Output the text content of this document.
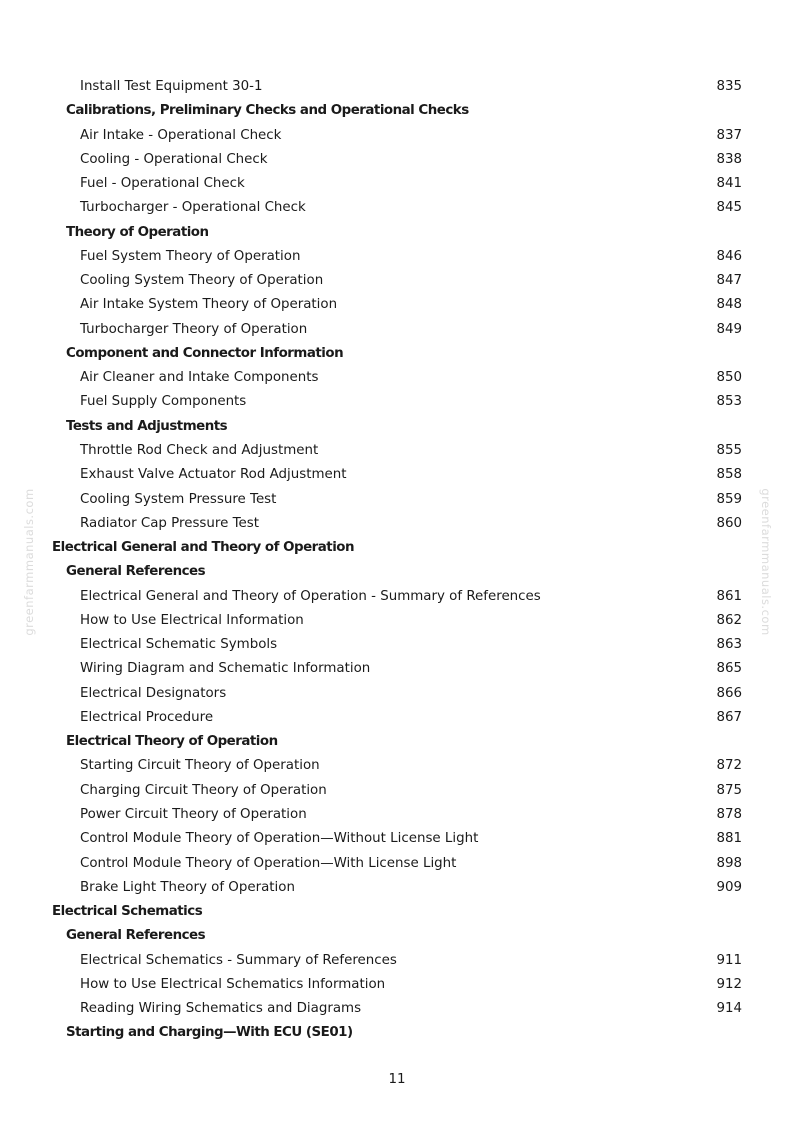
greenfarmmanuals.com	greenfarmmanuals.com
Install Test Equipment 30-1	835
Calibrations, Preliminary Checks and Operational Checks
Air Intake - Operational Check	837
Cooling - Operational Check	838
Fuel - Operational Check	841
Turbocharger - Operational Check	845
Theory of Operation
Fuel System Theory of Operation	846
Cooling System Theory of Operation	847
Air Intake System Theory of Operation	848
Turbocharger Theory of Operation	849
Component and Connector Information
Air Cleaner and Intake Components	850
Fuel Supply Components	853
Tests and Adjustments
Throttle Rod Check and Adjustment	855
Exhaust Valve Actuator Rod Adjustment	858
Cooling System Pressure Test	859
Radiator Cap Pressure Test	860
Electrical General and Theory of Operation
General References
Electrical General and Theory of Operation - Summary of References	861
How to Use Electrical Information	862
Electrical Schematic Symbols	863
Wiring Diagram and Schematic Information	865
Electrical Designators	866
Electrical Procedure	867
Electrical Theory of Operation
Starting Circuit Theory of Operation	872
Charging Circuit Theory of Operation	875
Power Circuit Theory of Operation	878
Control Module Theory of Operation—Without License Light	881
Control Module Theory of Operation—With License Light	898
Brake Light Theory of Operation	909
Electrical Schematics
General References
Electrical Schematics - Summary of References	911
How to Use Electrical Schematics Information	912
Reading Wiring Schematics and Diagrams	914
Starting and Charging—With ECU (SE01)
11
